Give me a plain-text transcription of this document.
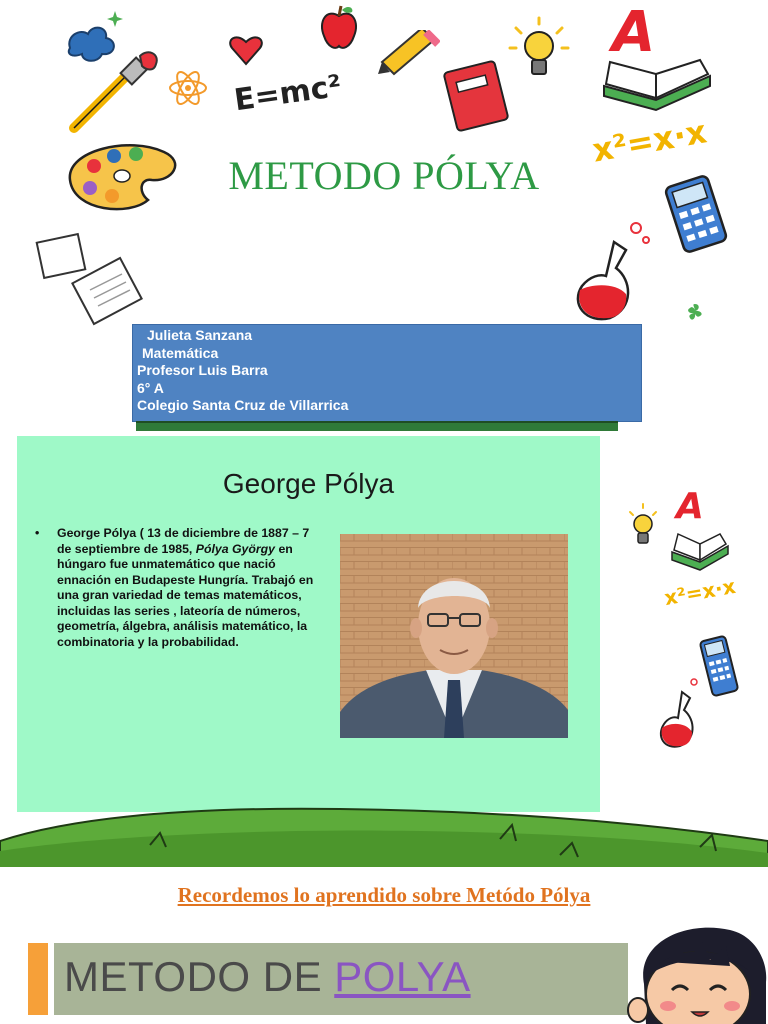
E=mc²
A
x²=x·x
METODO PÓLYA
Julieta Sanzana
Matemática
Profesor Luis Barra
6° A
Colegio Santa Cruz de Villarrica
George Pólya
• George Pólya ( 13 de diciembre de 1887 – 7 de septiembre de 1985, Pólya György en húngaro fue unmatemático que nació ennación en Budapeste Hungría. Trabajó en una gran variedad de temas matemáticos, incluidas las series , lateoría de números, geometría, álgebra, análisis matemático, la combinatoria y la probabilidad.
A
x²=x·x
Recordemos lo aprendido sobre Metódo Pólya
METODO DE POLYA
